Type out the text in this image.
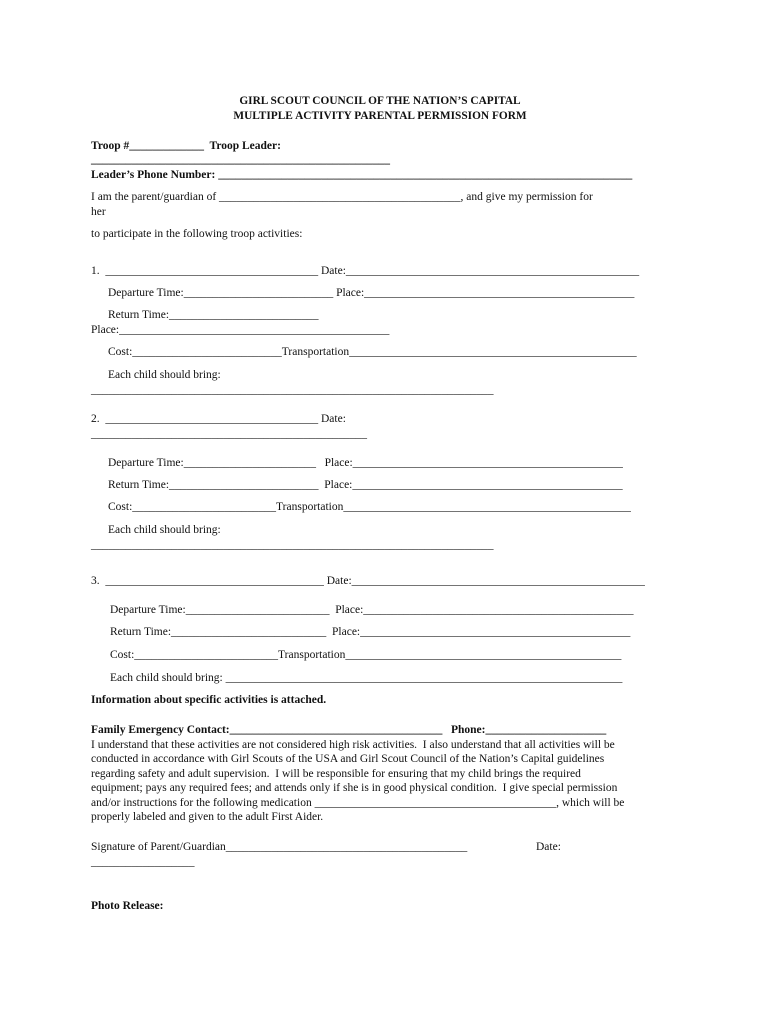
GIRL SCOUT COUNCIL OF THE NATION’S CAPITAL
MULTIPLE ACTIVITY PARENTAL PERMISSION FORM
Troop #_____________  Troop Leader:
____________________________________________________
Leader’s Phone Number: ________________________________________________________________________
I am the parent/guardian of __________________________________________, and give my permission for
her
to participate in the following troop activities:
1.  _____________________________________ Date:___________________________________________________
Departure Time:__________________________ Place:_______________________________________________
Return Time:__________________________
Place:_______________________________________________
Cost:__________________________Transportation__________________________________________________
Each child should bring:
______________________________________________________________________
2.  _____________________________________ Date:
________________________________________________
Departure Time:_______________________   Place:_______________________________________________
Return Time:__________________________  Place:_______________________________________________
Cost:_________________________Transportation__________________________________________________
Each child should bring:
______________________________________________________________________
3.  ______________________________________ Date:___________________________________________________
Departure Time:_________________________  Place:_______________________________________________
Return Time:___________________________  Place:_______________________________________________
Cost:_________________________Transportation________________________________________________
Each child should bring: _____________________________________________________________________
Information about specific activities is attached.
Family Emergency Contact:_____________________________________   Phone:_____________________
I understand that these activities are not considered high risk activities.  I also understand that all activities will be
conducted in accordance with Girl Scouts of the USA and Girl Scout Council of the Nation’s Capital guidelines
regarding safety and adult supervision.  I will be responsible for ensuring that my child brings the required
equipment; pays any required fees; and attends only if she is in good physical condition.  I give special permission
and/or instructions for the following medication __________________________________________, which will be
properly labeled and given to the adult First Aider.
Signature of Parent/Guardian__________________________________________	Date:
__________________
Photo Release:
